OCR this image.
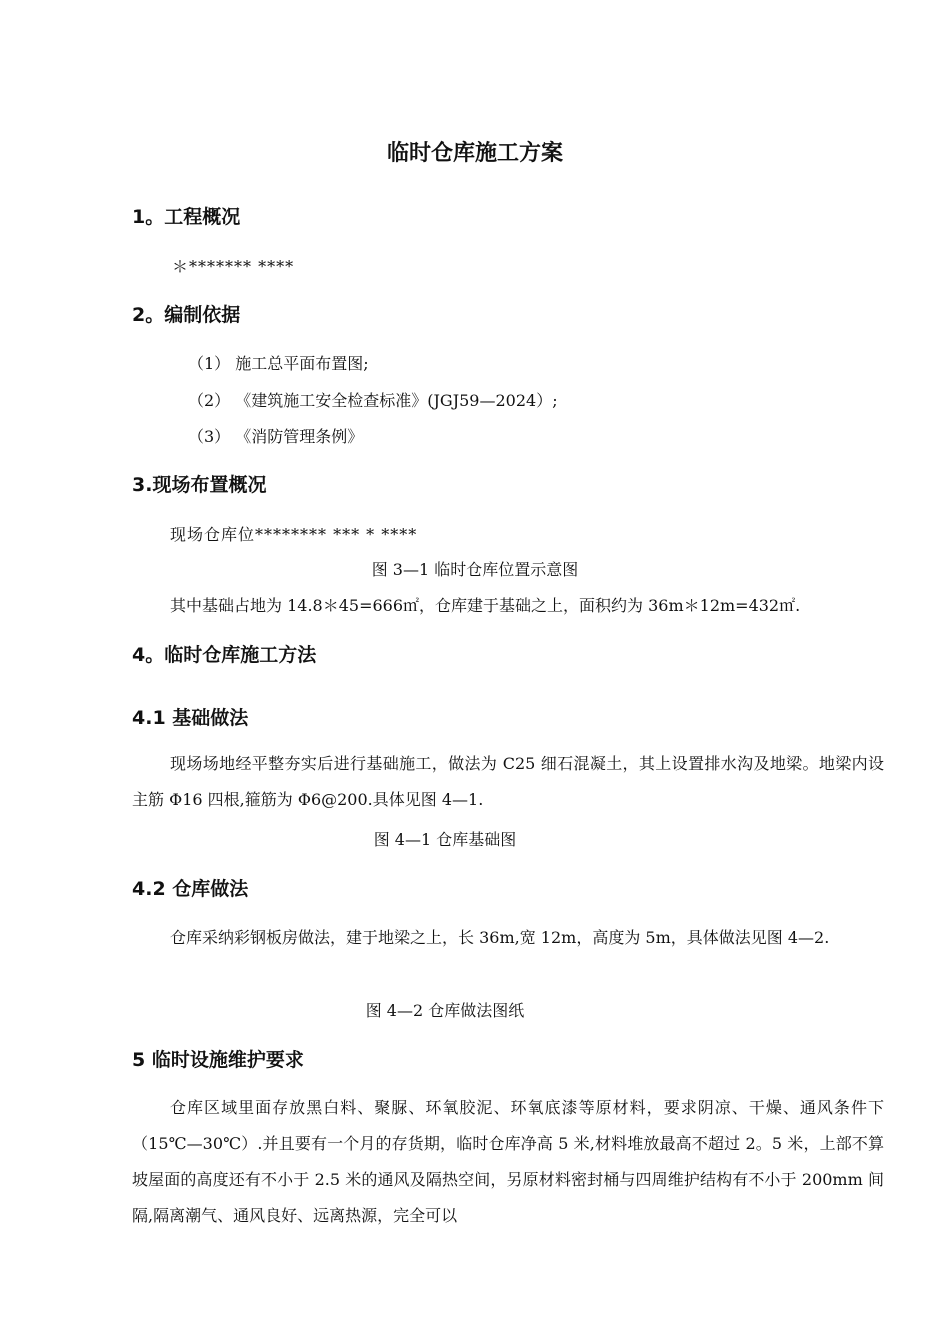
临时仓库施工方案
1。工程概况
＊******* ****
2。编制依据
（1） 施工总平面布置图;
（2） 《建筑施工安全检查标准》(JGJ59—2024）;
（3） 《消防管理条例》
3.现场布置概况
现场仓库位******** *** * ****
图 3—1 临时仓库位置示意图
其中基础占地为 14.8＊45=666㎡，仓库建于基础之上，面积约为 36m＊12m=432㎡.
4。临时仓库施工方法
4.1 基础做法
现场场地经平整夯实后进行基础施工，做法为 C25 细石混凝土，其上设置排水沟及地梁。地梁内设主筋 Φ16 四根,箍筋为 Φ6@200.具体见图 4—1.
图 4—1 仓库基础图
4.2 仓库做法
仓库采纳彩钢板房做法，建于地梁之上，长 36m,宽 12m，高度为 5m，具体做法见图 4—2.
图 4—2 仓库做法图纸
5 临时设施维护要求
仓库区域里面存放黑白料、聚脲、环氧胶泥、环氧底漆等原材料，要求阴凉、干燥、通风条件下（15℃—30℃）.并且要有一个月的存货期，临时仓库净高 5 米,材料堆放最高不超过 2。5 米，上部不算坡屋面的高度还有不小于 2.5 米的通风及隔热空间，另原材料密封桶与四周维护结构有不小于 200mm 间隔,隔离潮气、通风良好、远离热源，完全可以
